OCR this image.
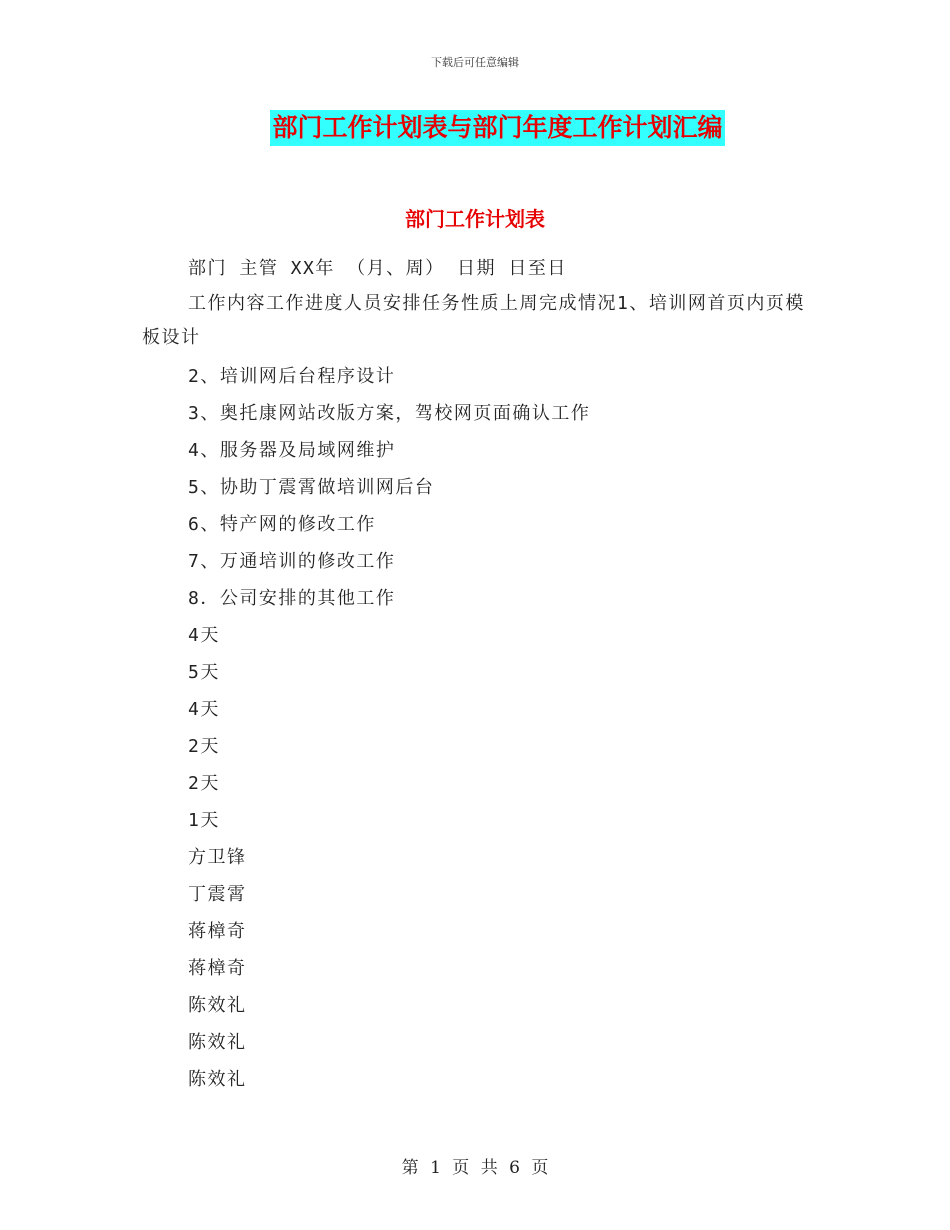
下载后可任意编辑
部门工作计划表与部门年度工作计划汇编
部门工作计划表

部门 主管 XX年 （月、周） 日期 日至日

工作内容工作进度人员安排任务性质上周完成情况1、培训网首页内页模板设计

2、培训网后台程序设计

3、奥托康网站改版方案，驾校网页面确认工作

4、服务器及局域网维护

5、协助丁震霄做培训网后台

6、特产网的修改工作

7、万通培训的修改工作

8．公司安排的其他工作

4天

5天

4天

2天

2天

1天

方卫锋

丁震霄

蒋樟奇

蒋樟奇

陈效礼

陈效礼

陈效礼

第 1 页 共 6 页
